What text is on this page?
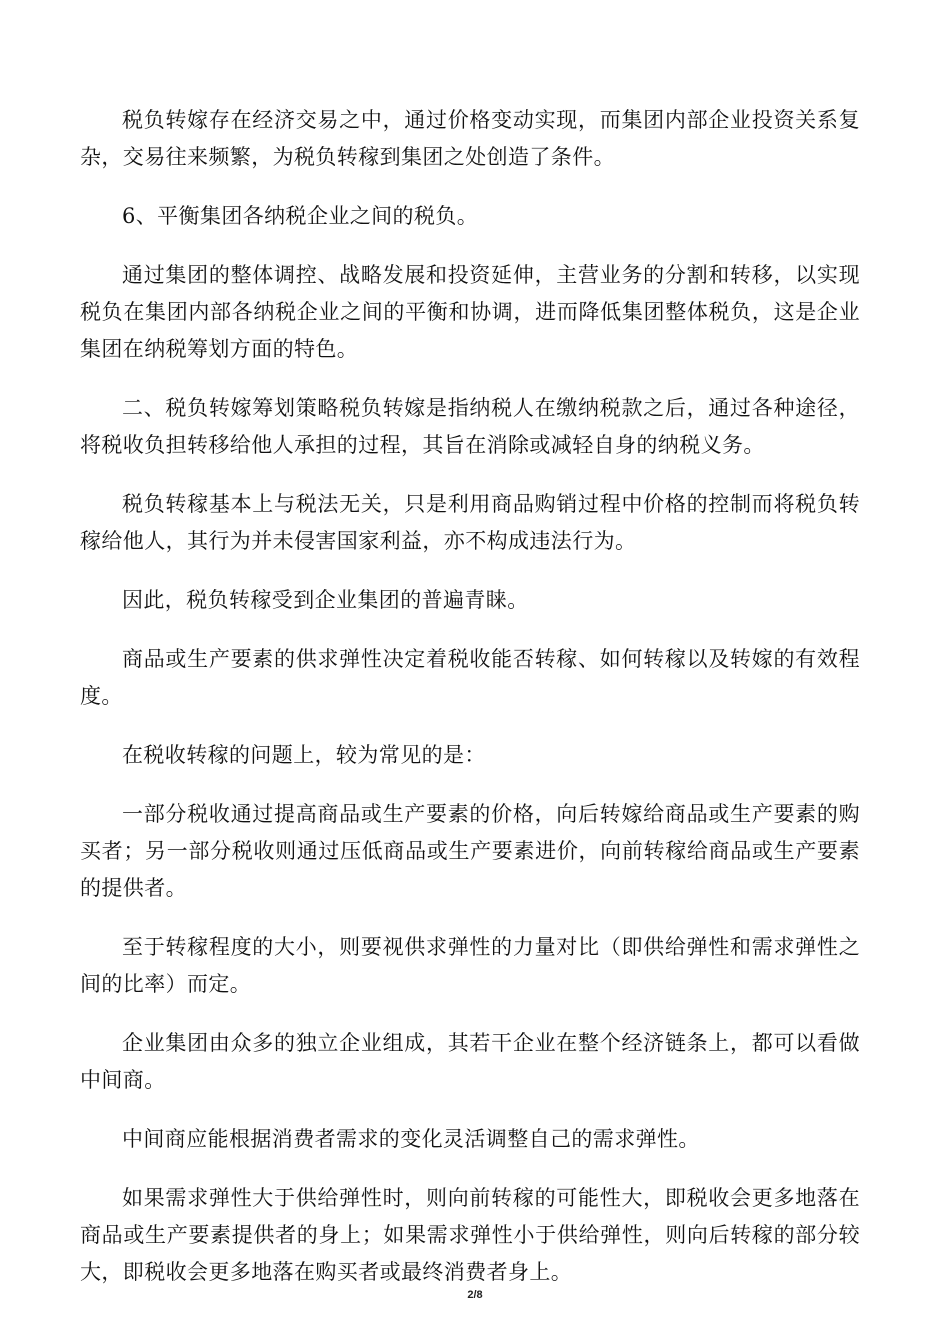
税负转嫁存在经济交易之中，通过价格变动实现，而集团内部企业投资关系复杂，交易往来频繁，为税负转稼到集团之处创造了条件。

6、平衡集团各纳税企业之间的税负。

通过集团的整体调控、战略发展和投资延伸，主营业务的分割和转移，以实现税负在集团内部各纳税企业之间的平衡和协调，进而降低集团整体税负，这是企业集团在纳税筹划方面的特色。

二、税负转嫁筹划策略税负转嫁是指纳税人在缴纳税款之后，通过各种途径，将税收负担转移给他人承担的过程，其旨在消除或减轻自身的纳税义务。

税负转稼基本上与税法无关，只是利用商品购销过程中价格的控制而将税负转稼给他人，其行为并未侵害国家利益，亦不构成违法行为。

因此，税负转稼受到企业集团的普遍青睐。

商品或生产要素的供求弹性决定着税收能否转稼、如何转稼以及转嫁的有效程度。

在税收转稼的问题上，较为常见的是：

一部分税收通过提高商品或生产要素的价格，向后转嫁给商品或生产要素的购买者；另一部分税收则通过压低商品或生产要素进价，向前转稼给商品或生产要素的提供者。

至于转稼程度的大小，则要视供求弹性的力量对比（即供给弹性和需求弹性之间的比率）而定。

企业集团由众多的独立企业组成，其若干企业在整个经济链条上，都可以看做中间商。

中间商应能根据消费者需求的变化灵活调整自己的需求弹性。

如果需求弹性大于供给弹性时，则向前转稼的可能性大，即税收会更多地落在商品或生产要素提供者的身上；如果需求弹性小于供给弹性，则向后转稼的部分较大，即税收会更多地落在购买者或最终消费者身上。

2/8
